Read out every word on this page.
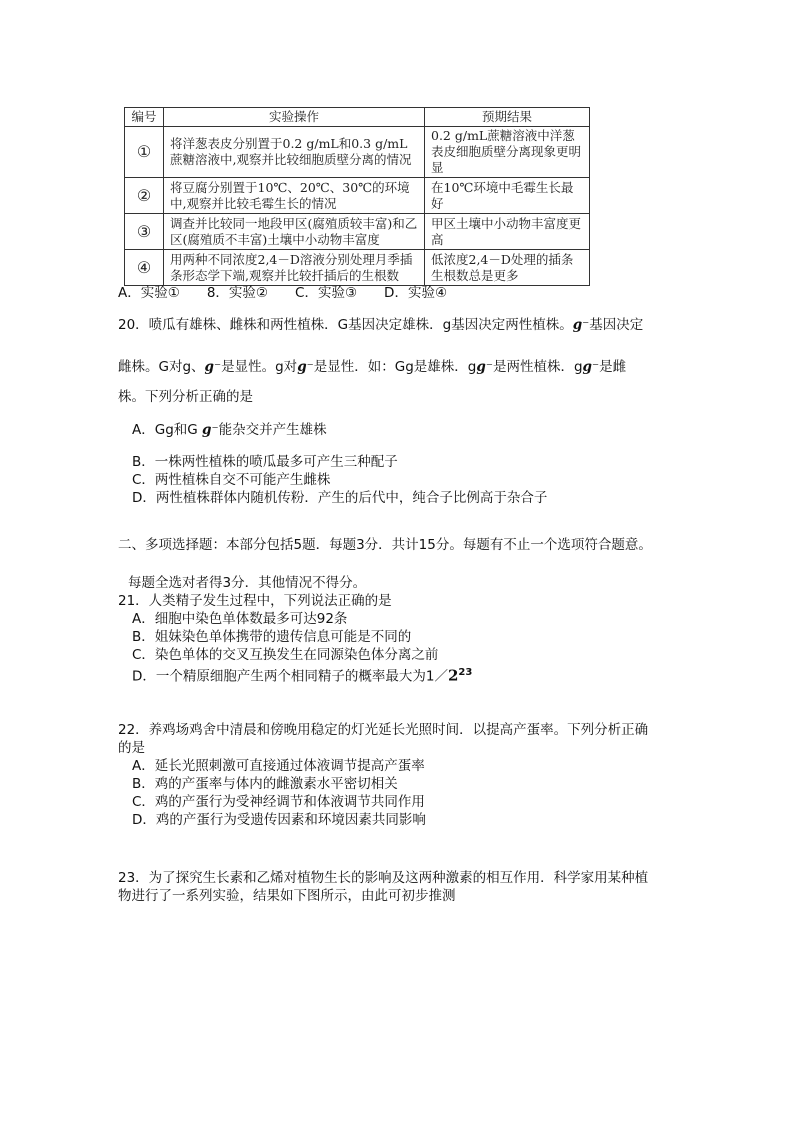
编号	实验操作	预期结果
①	将洋葱表皮分别置于0.2 g/mL和0.3 g/mL蔗糖溶液中,观察并比较细胞质壁分离的情况	0.2 g/mL蔗糖溶液中洋葱表皮细胞质壁分离现象更明显
②	将豆腐分别置于10℃、20℃、30℃的环境中,观察并比较毛霉生长的情况	在10℃环境中毛霉生长最好
③	调查并比较同一地段甲区(腐殖质较丰富)和乙区(腐殖质不丰富)土壤中小动物丰富度	甲区土壤中小动物丰富度更高
④	用两种不同浓度2,4－D溶液分别处理月季插条形态学下端,观察并比较扦插后的生根数	低浓度2,4－D处理的插条生根数总是更多
A．实验①　　8．实验②　　C．实验③　　D．实验④
20．喷瓜有雄株、雌株和两性植株．G基因决定雄株．g基因决定两性植株。g⁻基因决定
雌株。G对g、g⁻是显性。g对g⁻是显性．如：Gg是雄株．gg⁻是两性植株．gg⁻是雌
株。下列分析正确的是
A．Gg和G g⁻能杂交并产生雄株
B．一株两性植株的喷瓜最多可产生三种配子
C．两性植株自交不可能产生雌株
D．两性植株群体内随机传粉．产生的后代中，纯合子比例高于杂合子
二、多项选择题：本部分包括5题．每题3分．共计15分。每题有不止一个选项符合题意。
每题全选对者得3分．其他情况不得分。
21．人类精子发生过程中，下列说法正确的是
A．细胞中染色单体数最多可达92条
B．姐妹染色单体携带的遗传信息可能是不同的
C．染色单体的交叉互换发生在同源染色体分离之前
D．一个精原细胞产生两个相同精子的概率最大为$1/2^{23}$
22．养鸡场鸡舍中清晨和傍晚用稳定的灯光延长光照时间．以提高产蛋率。下列分析正确
的是
A．延长光照刺激可直接通过体液调节提高产蛋率
B．鸡的产蛋率与体内的雌激素水平密切相关
C．鸡的产蛋行为受神经调节和体液调节共同作用
D．鸡的产蛋行为受遗传因素和环境因素共同影响
23．为了探究生长素和乙烯对植物生长的影响及这两种激素的相互作用．科学家用某种植
物进行了一系列实验，结果如下图所示，由此可初步推测
